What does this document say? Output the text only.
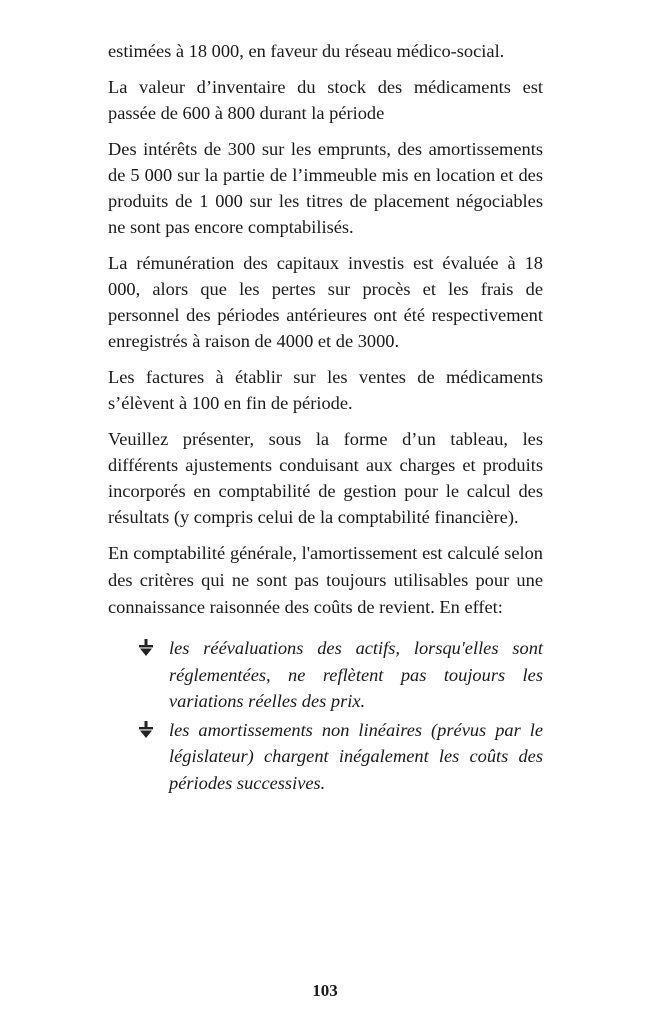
estimées à 18 000, en faveur du réseau médico-social.

La valeur d’inventaire du stock des médicaments est passée de 600 à 800 durant la période

Des intérêts de 300 sur les emprunts, des amortissements de 5 000 sur la partie de l’immeuble mis en location et des produits de 1 000 sur les titres de placement négociables ne sont pas encore comptabilisés.

La rémunération des capitaux investis est évaluée à 18 000, alors que les pertes sur procès et les frais de personnel des périodes antérieures ont été respectivement enregistrés à raison de 4000 et de 3000.

Les factures à établir sur les ventes de médicaments s’élèvent à 100 en fin de période.

Veuillez présenter, sous la forme d’un tableau, les différents ajustements conduisant aux charges et produits incorporés en comptabilité de gestion pour le calcul des résultats (y compris celui de la comptabilité financière).

En comptabilité générale, l'amortissement est calculé selon des critères qui ne sont pas toujours utilisables pour une connaissance raisonnée des coûts de revient. En effet:

les réévaluations des actifs, lorsqu'elles sont réglementées, ne reflètent pas toujours les variations réelles des prix.
les amortissements non linéaires (prévus par le législateur) chargent inégalement les coûts des périodes successives.
103
